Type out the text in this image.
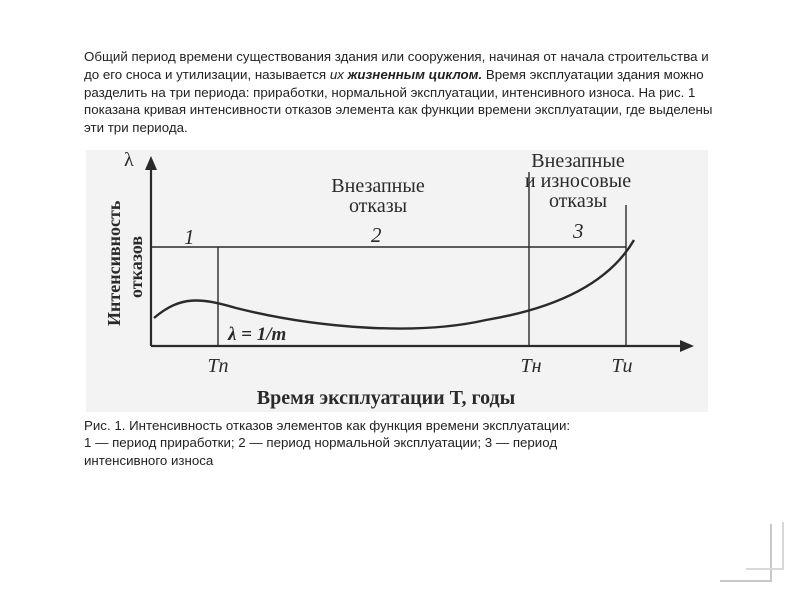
Общий период времени существования здания или сооружения, начиная от начала строительства и до его сноса и утилизации, называется их жизненным циклом. Время эксплуатации здания можно разделить на три периода: приработки, нормальной эксплуатации, интенсивного износа. На рис. 1 показана кривая интенсивности отказов элемента как функции времени эксплуатации, где выделены эти три периода.

λ
Интенсивность отказов 1	2	3
Внезапные
отказы
Внезапные
и износовые
отказы
λ = 1/m
Tп	Tн	Tи
Время эксплуатации T, годы

Рис. 1. Интенсивность отказов элементов как функция времени эксплуатации:
1 — период приработки; 2 — период нормальной эксплуатации; 3 — период
интенсивного износа
